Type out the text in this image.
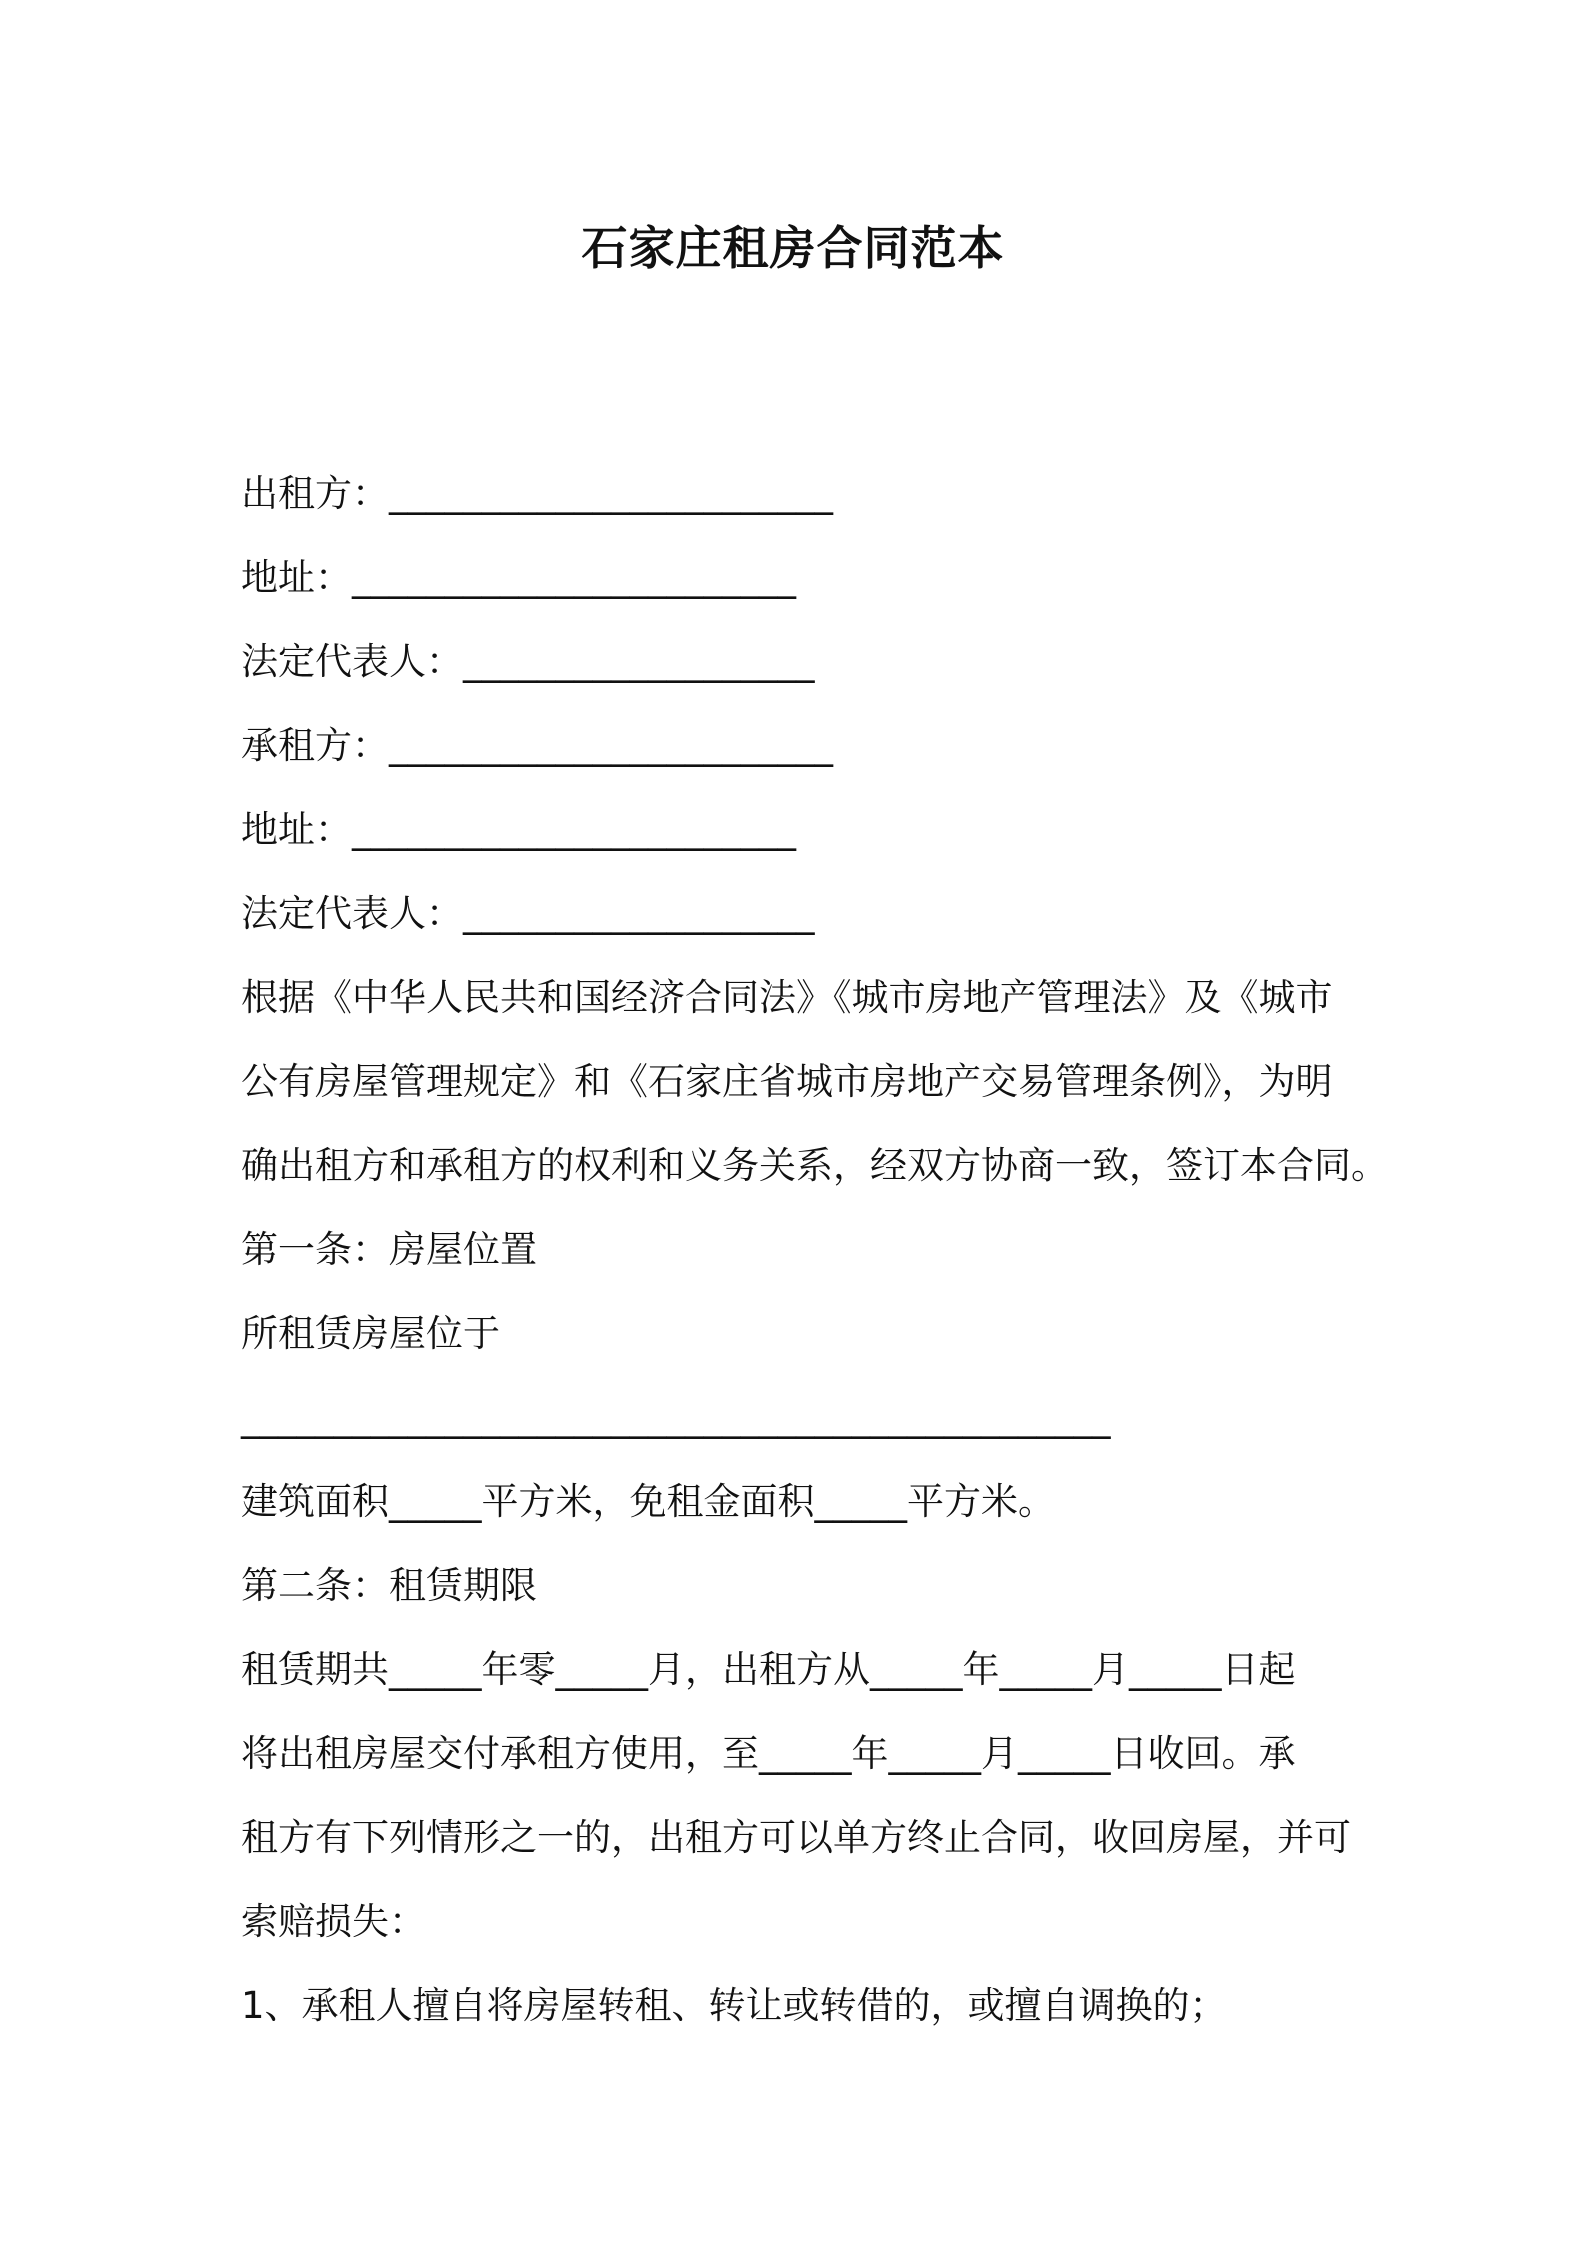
石家庄租房合同范本
出租方：________________________
地址：________________________
法定代表人：___________________
承租方：________________________
地址：________________________
法定代表人：___________________
根据《中华人民共和国经济合同法》《城市房地产管理法》及《城市
公有房屋管理规定》和《石家庄省城市房地产交易管理条例》，为明
确出租方和承租方的权利和义务关系，经双方协商一致，签订本合同。
第一条：房屋位置
所租赁房屋位于
_______________________________________________
建筑面积_____平方米，免租金面积_____平方米。
第二条：租赁期限
租赁期共_____年零_____月，出租方从_____年_____月_____日起
将出租房屋交付承租方使用，至_____年_____月_____日收回。承
租方有下列情形之一的，出租方可以单方终止合同，收回房屋，并可
索赔损失：
1、承租人擅自将房屋转租、转让或转借的，或擅自调换的；
